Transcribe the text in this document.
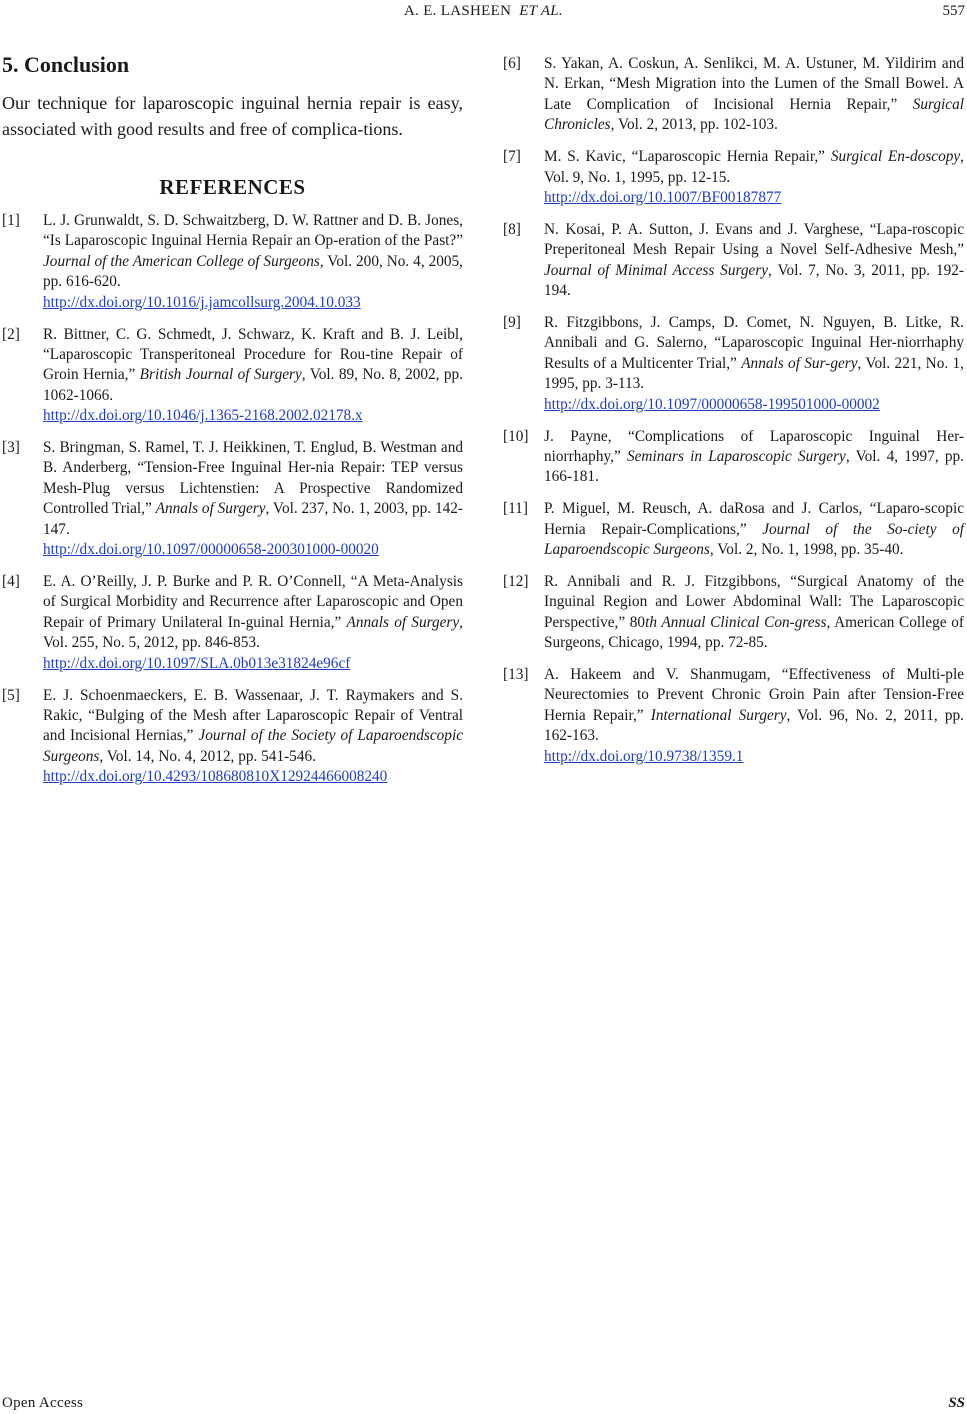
A. E. LASHEEN ET AL.	557
5. Conclusion

Our technique for laparoscopic inguinal hernia repair is easy, associated with good results and free of complica-tions.

REFERENCES
[1] L. J. Grunwaldt, S. D. Schwaitzberg, D. W. Rattner and D. B. Jones, “Is Laparoscopic Inguinal Hernia Repair an Op-eration of the Past?” Journal of the American College of Surgeons, Vol. 200, No. 4, 2005, pp. 616-620.
http://dx.doi.org/10.1016/j.jamcollsurg.2004.10.033
[2] R. Bittner, C. G. Schmedt, J. Schwarz, K. Kraft and B. J. Leibl, “Laparoscopic Transperitoneal Procedure for Rou-tine Repair of Groin Hernia,” British Journal of Surgery, Vol. 89, No. 8, 2002, pp. 1062-1066.
http://dx.doi.org/10.1046/j.1365-2168.2002.02178.x
[3] S. Bringman, S. Ramel, T. J. Heikkinen, T. Englud, B. Westman and B. Anderberg, “Tension-Free Inguinal Her-nia Repair: TEP versus Mesh-Plug versus Lichtenstien: A Prospective Randomized Controlled Trial,” Annals of Surgery, Vol. 237, No. 1, 2003, pp. 142-147.
http://dx.doi.org/10.1097/00000658-200301000-00020
[4] E. A. O’Reilly, J. P. Burke and P. R. O’Connell, “A Meta-Analysis of Surgical Morbidity and Recurrence after Laparoscopic and Open Repair of Primary Unilateral In-guinal Hernia,” Annals of Surgery, Vol. 255, No. 5, 2012, pp. 846-853.
http://dx.doi.org/10.1097/SLA.0b013e31824e96cf
[5] E. J. Schoenmaeckers, E. B. Wassenaar, J. T. Raymakers and S. Rakic, “Bulging of the Mesh after Laparoscopic Repair of Ventral and Incisional Hernias,” Journal of the Society of Laparoendscopic Surgeons, Vol. 14, No. 4, 2012, pp. 541-546.
http://dx.doi.org/10.4293/108680810X12924466008240
[6] S. Yakan, A. Coskun, A. Senlikci, M. A. Ustuner, M. Yildirim and N. Erkan, “Mesh Migration into the Lumen of the Small Bowel. A Late Complication of Incisional Hernia Repair,” Surgical Chronicles, Vol. 2, 2013, pp. 102-103.
[7] M. S. Kavic, “Laparoscopic Hernia Repair,” Surgical En-doscopy, Vol. 9, No. 1, 1995, pp. 12-15.
http://dx.doi.org/10.1007/BF00187877
[8] N. Kosai, P. A. Sutton, J. Evans and J. Varghese, “Lapa-roscopic Preperitoneal Mesh Repair Using a Novel Self-Adhesive Mesh,” Journal of Minimal Access Surgery, Vol. 7, No. 3, 2011, pp. 192-194.
[9] R. Fitzgibbons, J. Camps, D. Comet, N. Nguyen, B. Litke, R. Annibali and G. Salerno, “Laparoscopic Inguinal Her-niorrhaphy Results of a Multicenter Trial,” Annals of Sur-gery, Vol. 221, No. 1, 1995, pp. 3-113.
http://dx.doi.org/10.1097/00000658-199501000-00002
[10] J. Payne, “Complications of Laparoscopic Inguinal Her-niorrhaphy,” Seminars in Laparoscopic Surgery, Vol. 4, 1997, pp. 166-181.
[11] P. Miguel, M. Reusch, A. daRosa and J. Carlos, “Laparo-scopic Hernia Repair-Complications,” Journal of the So-ciety of Laparoendscopic Surgeons, Vol. 2, No. 1, 1998, pp. 35-40.
[12] R. Annibali and R. J. Fitzgibbons, “Surgical Anatomy of the Inguinal Region and Lower Abdominal Wall: The Laparoscopic Perspective,” 80th Annual Clinical Con-gress, American College of Surgeons, Chicago, 1994, pp. 72-85.
[13] A. Hakeem and V. Shanmugam, “Effectiveness of Multi-ple Neurectomies to Prevent Chronic Groin Pain after Tension-Free Hernia Repair,” International Surgery, Vol. 96, No. 2, 2011, pp. 162-163.
http://dx.doi.org/10.9738/1359.1
Open Access	SS
